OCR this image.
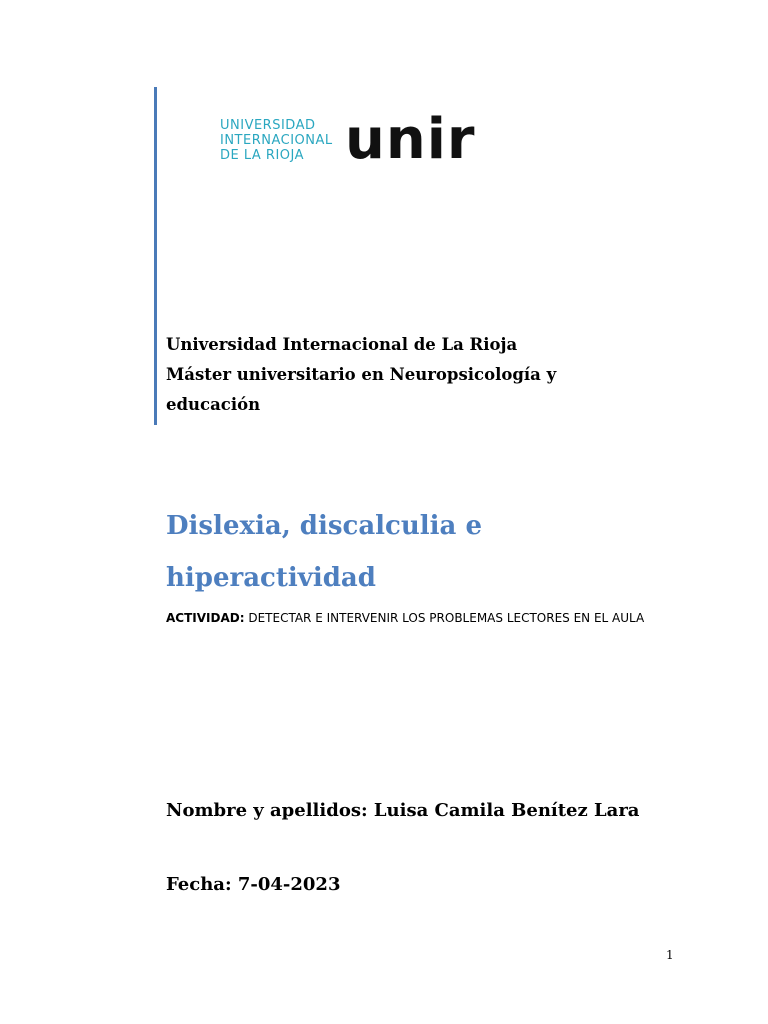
UNIVERSIDAD
INTERNACIONAL
DE LA RIOJA unir
Universidad Internacional de La Rioja
Máster universitario en Neuropsicología y educación
Dislexia, discalculia e hiperactividad
ACTIVIDAD: DETECTAR E INTERVENIR LOS PROBLEMAS LECTORES EN EL AULA
Nombre y apellidos: Luisa Camila Benítez Lara
Fecha: 7-04-2023
1
